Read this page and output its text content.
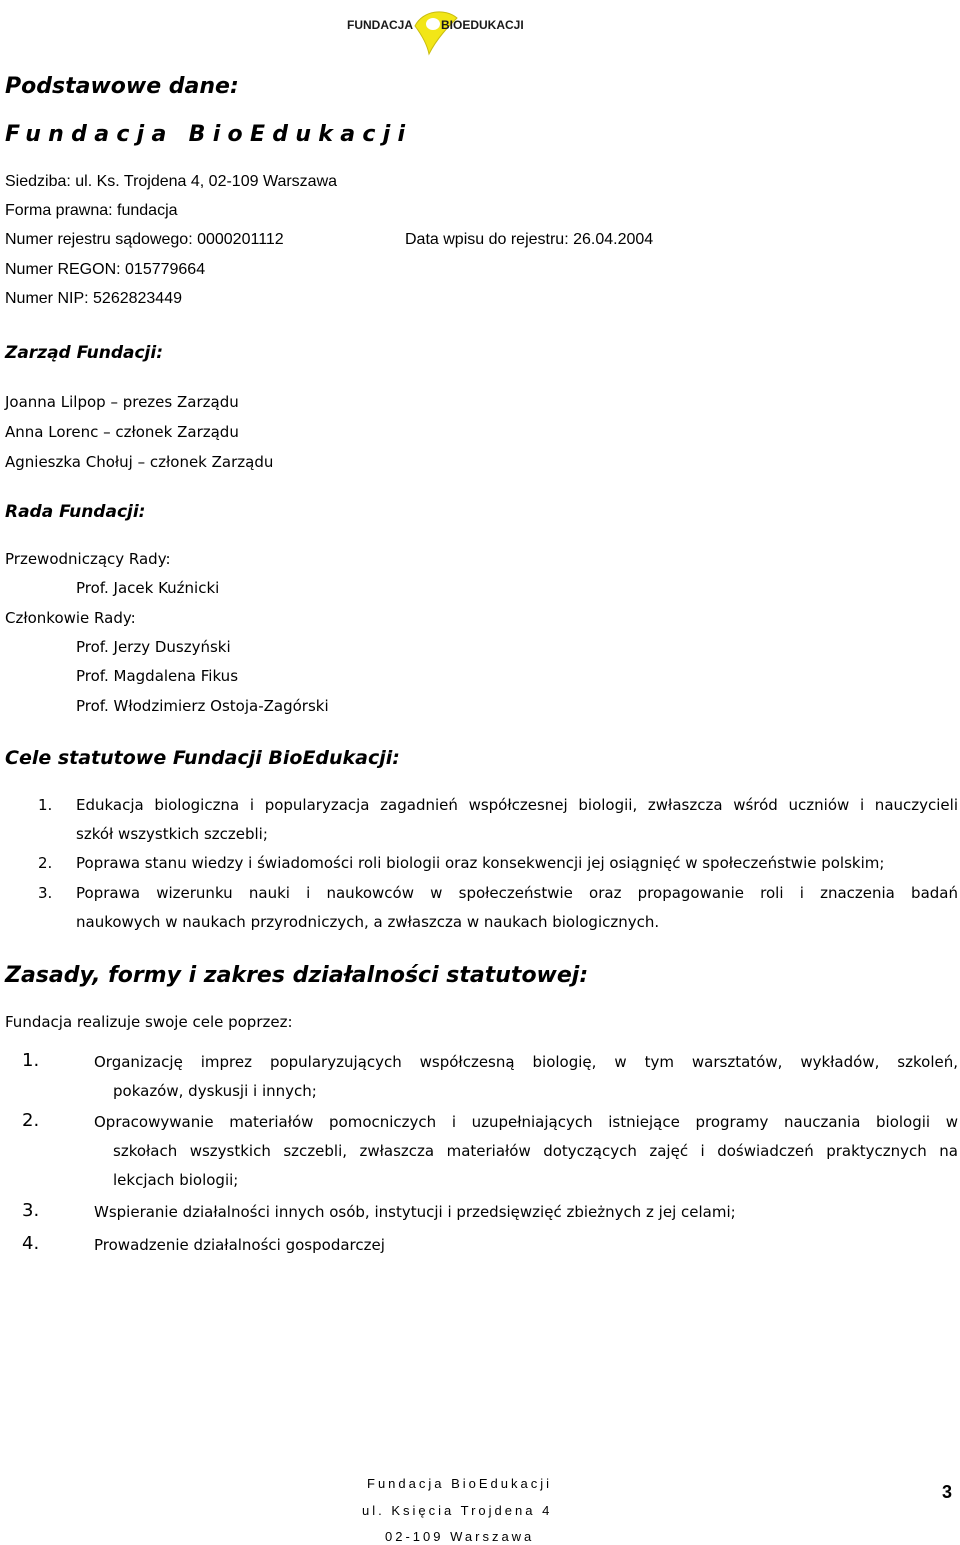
FUNDACJA BIOEDUKACJI
Podstawowe dane:
Fundacja BioEdukacji
Siedziba: ul. Ks. Trojdena 4, 02-109 Warszawa
Forma prawna: fundacja
Numer rejestru sądowego: 0000201112	Data wpisu do rejestru: 26.04.2004
Numer REGON: 015779664
Numer NIP: 5262823449
Zarząd Fundacji:
Joanna Lilpop – prezes Zarządu
Anna Lorenc – członek Zarządu
Agnieszka Chołuj – członek Zarządu
Rada Fundacji:
Przewodniczący Rady:
Prof. Jacek Kuźnicki
Członkowie Rady:
Prof. Jerzy Duszyński
Prof. Magdalena Fikus
Prof. Włodzimierz Ostoja-Zagórski
Cele statutowe Fundacji BioEdukacji:
1. Edukacja biologiczna i popularyzacja zagadnień współczesnej biologii, zwłaszcza wśród uczniów i nauczycieli
szkół wszystkich szczebli;
2. Poprawa stanu wiedzy i świadomości roli biologii oraz konsekwencji jej osiągnięć w społeczeństwie polskim;
3. Poprawa wizerunku nauki i naukowców w społeczeństwie oraz propagowanie roli i znaczenia badań
naukowych w naukach przyrodniczych, a zwłaszcza w naukach biologicznych.
Zasady, formy i zakres działalności statutowej:
Fundacja realizuje swoje cele poprzez:
1.	Organizację imprez popularyzujących współczesną biologię, w tym warsztatów, wykładów, szkoleń,
pokazów, dyskusji i innych;
2.	Opracowywanie materiałów pomocniczych i uzupełniających istniejące programy nauczania biologii w
szkołach wszystkich szczebli, zwłaszcza materiałów dotyczących zajęć i doświadczeń praktycznych na
lekcjach biologii;
3.	Wspieranie działalności innych osób, instytucji i przedsięwzięć zbieżnych z jej celami;
4.	Prowadzenie działalności gospodarczej
Fundacja BioEdukacji
ul. Księcia Trojdena 4
02-109 Warszawa
3
